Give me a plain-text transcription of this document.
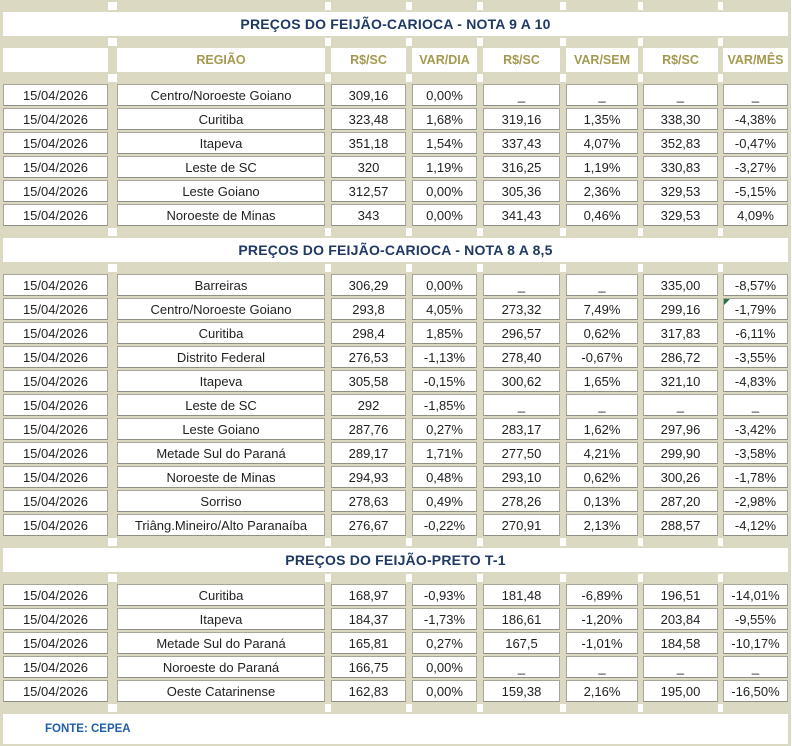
PREÇOS DO FEIJÃO-CARIOCA - NOTA 9 A 10														

		REGIÃO		R$/SC		VAR/DIA		R$/SC		VAR/SEM		R$/SC		VAR/MÊS

15/04/2026		Centro/Noroeste Goiano		309,16		0,00%		_		_		_		_
15/04/2026		Curitiba		323,48		1,68%		319,16		1,35%		338,30		-4,38%
15/04/2026		Itapeva		351,18		1,54%		337,43		4,07%		352,83		-0,47%
15/04/2026		Leste de SC		320		1,19%		316,25		1,19%		330,83		-3,27%
15/04/2026		Leste Goiano		312,57		0,00%		305,36		2,36%		329,53		-5,15%
15/04/2026		Noroeste de Minas		343		0,00%		341,43		0,46%		329,53		4,09%

PREÇOS DO FEIJÃO-CARIOCA - NOTA 8 A 8,5														

15/04/2026		Barreiras		306,29		0,00%		_		_		335,00		-8,57%
15/04/2026		Centro/Noroeste Goiano		293,8		4,05%		273,32		7,49%		299,16		-1,79%
15/04/2026		Curitiba		298,4		1,85%		296,57		0,62%		317,83		-6,11%
15/04/2026		Distrito Federal		276,53		-1,13%		278,40		-0,67%		286,72		-3,55%
15/04/2026		Itapeva		305,58		-0,15%		300,62		1,65%		321,10		-4,83%
15/04/2026		Leste de SC		292		-1,85%		_		_		_		_
15/04/2026		Leste Goiano		287,76		0,27%		283,17		1,62%		297,96		-3,42%
15/04/2026		Metade Sul do Paraná		289,17		1,71%		277,50		4,21%		299,90		-3,58%
15/04/2026		Noroeste de Minas		294,93		0,48%		293,10		0,62%		300,26		-1,78%
15/04/2026		Sorriso		278,63		0,49%		278,26		0,13%		287,20		-2,98%
15/04/2026		Triâng.Mineiro/Alto Paranaíba		276,67		-0,22%		270,91		2,13%		288,57		-4,12%

PREÇOS DO FEIJÃO-PRETO T-1														

15/04/2026		Curitiba		168,97		-0,93%		181,48		-6,89%		196,51		-14,01%
15/04/2026		Itapeva		184,37		-1,73%		186,61		-1,20%		203,84		-9,55%
15/04/2026		Metade Sul do Paraná		165,81		0,27%		167,5		-1,01%		184,58		-10,17%
15/04/2026		Noroeste do Paraná		166,75		0,00%		_		_		_		_
15/04/2026		Oeste Catarinense		162,83		0,00%		159,38		2,16%		195,00		-16,50%

FONTE: CEPEA														
